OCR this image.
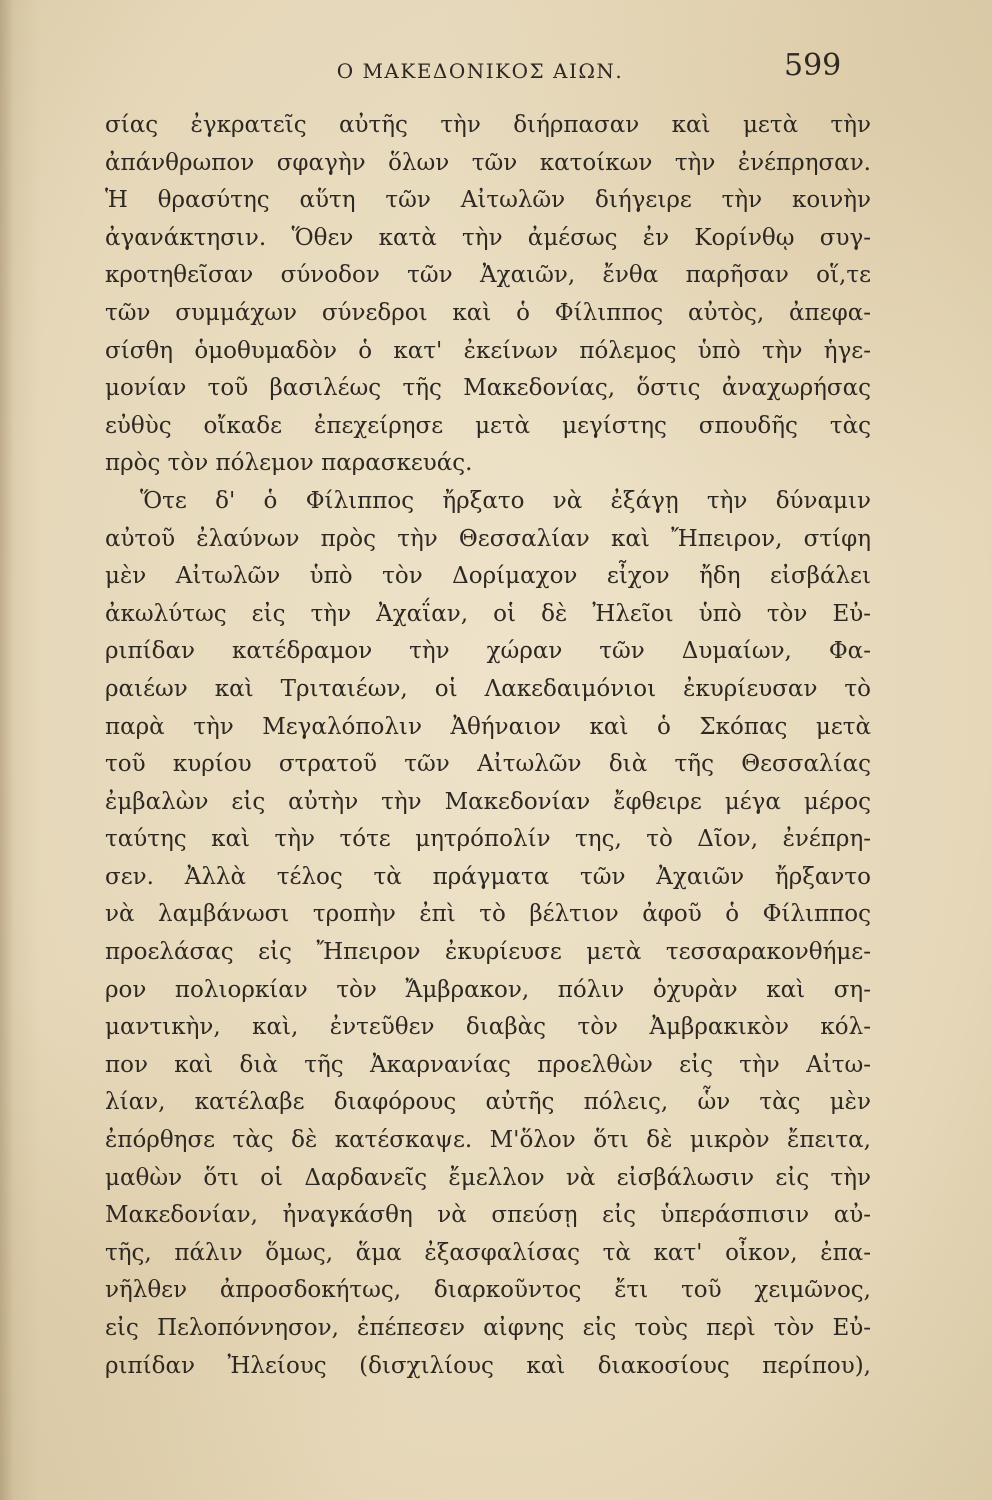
Ο ΜΑΚΕΔΟΝΙΚΟΣ ΑΙΩΝ.	599
σίας ἐγκρατεῖς αὐτῆς τὴν διήρπασαν καὶ μετὰ τὴν
ἀπάνθρωπον σφαγὴν ὅλων τῶν κατοίκων τὴν ἐνέπρησαν.
Ἡ θρασύτης αὕτη τῶν Αἰτωλῶν διήγειρε τὴν κοινὴν
ἀγανάκτησιν. Ὅθεν κατὰ τὴν ἀμέσως ἐν Κορίνθῳ συγ-
κροτηθεῖσαν σύνοδον τῶν Ἀχαιῶν, ἔνθα παρῆσαν οἵ,τε
τῶν συμμάχων σύνεδροι καὶ ὁ Φίλιππος αὐτὸς, ἀπεφα-
σίσθη ὁμοθυμαδὸν ὁ κατ' ἐκείνων πόλεμος ὑπὸ τὴν ἡγε-
μονίαν τοῦ βασιλέως τῆς Μακεδονίας, ὅστις ἀναχωρήσας
εὐθὺς οἴκαδε ἐπεχείρησε μετὰ μεγίστης σπουδῆς τὰς
πρὸς τὸν πόλεμον παρασκευάς.
Ὅτε δ' ὁ Φίλιππος ἤρξατο νὰ ἐξάγῃ τὴν δύναμιν
αὐτοῦ ἐλαύνων πρὸς τὴν Θεσσαλίαν καὶ Ἤπειρον, στίφη
μὲν Αἰτωλῶν ὑπὸ τὸν Δορίμαχον εἶχον ἤδη εἰσβάλει
ἀκωλύτως εἰς τὴν Ἀχαΐαν, οἱ δὲ Ἠλεῖοι ὑπὸ τὸν Εὐ-
ριπίδαν κατέδραμον τὴν χώραν τῶν Δυμαίων, Φα-
ραιέων καὶ Τριταιέων, οἱ Λακεδαιμόνιοι ἐκυρίευσαν τὸ
παρὰ τὴν Μεγαλόπολιν Ἀθήναιον καὶ ὁ Σκόπας μετὰ
τοῦ κυρίου στρατοῦ τῶν Αἰτωλῶν διὰ τῆς Θεσσαλίας
ἐμβαλὼν εἰς αὐτὴν τὴν Μακεδονίαν ἔφθειρε μέγα μέρος
ταύτης καὶ τὴν τότε μητρόπολίν της, τὸ Δῖον, ἐνέπρη-
σεν. Ἀλλὰ τέλος τὰ πράγματα τῶν Ἀχαιῶν ἤρξαντο
νὰ λαμβάνωσι τροπὴν ἐπὶ τὸ βέλτιον ἀφοῦ ὁ Φίλιππος
προελάσας εἰς Ἤπειρον ἐκυρίευσε μετὰ τεσσαρακονθήμε-
ρον πολιορκίαν τὸν Ἄμβρακον, πόλιν ὀχυρὰν καὶ ση-
μαντικὴν, καὶ, ἐντεῦθεν διαβὰς τὸν Ἀμβρακικὸν κόλ-
πον καὶ διὰ τῆς Ἀκαρνανίας προελθὼν εἰς τὴν Αἰτω-
λίαν, κατέλαβε διαφόρους αὐτῆς πόλεις, ὧν τὰς μὲν
ἐπόρθησε τὰς δὲ κατέσκαψε. Μ'ὅλον ὅτι δὲ μικρὸν ἔπειτα,
μαθὼν ὅτι οἱ Δαρδανεῖς ἔμελλον νὰ εἰσβάλωσιν εἰς τὴν
Μακεδονίαν, ἠναγκάσθη νὰ σπεύσῃ εἰς ὑπεράσπισιν αὐ-
τῆς, πάλιν ὅμως, ἅμα ἐξασφαλίσας τὰ κατ' οἶκον, ἐπα-
νῆλθεν ἀπροσδοκήτως, διαρκοῦντος ἔτι τοῦ χειμῶνος,
εἰς Πελοπόννησον, ἐπέπεσεν αἰφνης εἰς τοὺς περὶ τὸν Εὐ-
ριπίδαν Ἠλείους (δισχιλίους καὶ διακοσίους περίπου),
